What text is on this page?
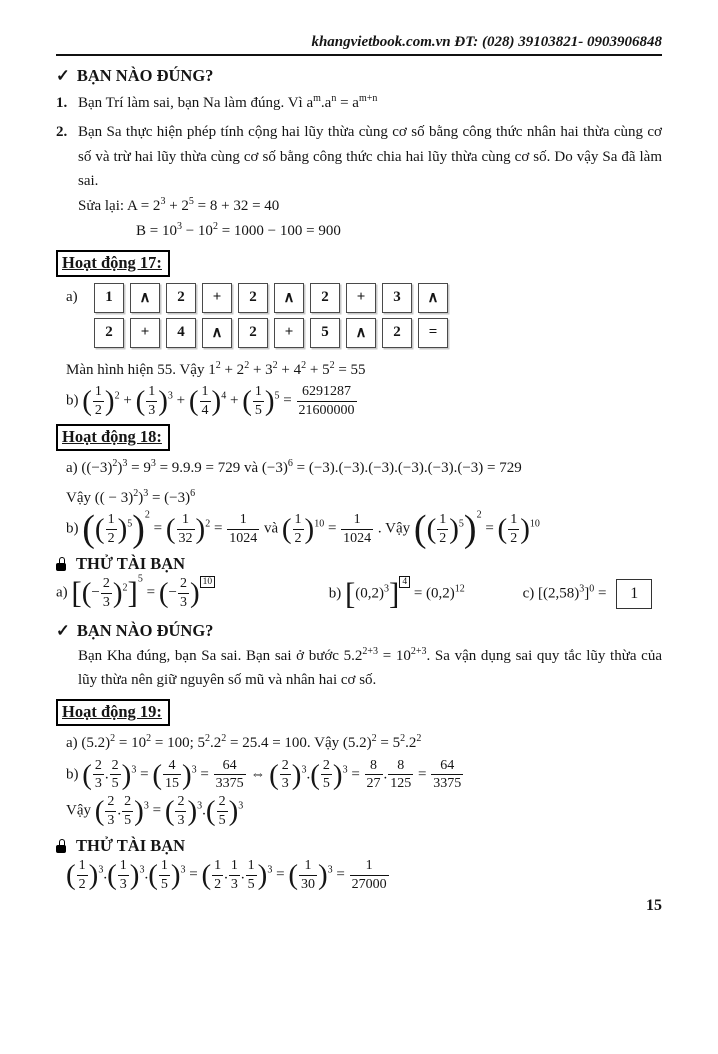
khangvietbook.com.vn ĐT: (028) 39103821- 0903906848
✓ BẠN NÀO ĐÚNG?
1. Bạn Trí làm sai, bạn Na làm đúng. Vì $a^m.a^n = a^{m+n}$
2. Bạn Sa thực hiện phép tính cộng hai lũy thừa cùng cơ số bằng công thức nhân hai thừa cùng cơ số và trừ hai lũy thừa cùng cơ số bằng công thức chia hai lũy thừa cùng cơ số. Do vậy Sa đã làm sai.
Sửa lại: $A = 2^3 + 2^5 = 8 + 32 = 40$
$B = 10^3 - 10^2 = 1000 - 100 = 900$
Hoạt động 17:
a)	1	∧	2	+	2	∧	2	+	3	∧
2	+	4	∧	2	+	5	∧	2	=
Màn hình hiện 55. Vậy $1^2 + 2^2 + 3^2 + 4^2 + 5^2 = 55$
b) ( $\frac{1}{2} )^2$ + ( $\frac{1}{3} )^3$ + ( $\frac{1}{4} )^4$ + ( $\frac{1}{5} )^5 = \frac{6291287}{21600000}$
Hoạt động 18:
a) $((-3)^2)^3 = 9^3 = 9.9.9 = 729$ và $(-3)^6 = (-3).(-3).(-3).(-3).(-3).(-3) = 729$
Vậy (( − $3)^2)^3 = (-3)^6$
b) (( $\frac{1}{2} )^5)^2$ = ( $\frac{1}{32} )^2 = \frac{1}{1024}$ và ( $\frac{1}{2} )^{10} = \frac{1}{1024}$ . Vậy (( $\frac{1}{2} )^5)^2$ = ( $\frac{1}{2} )^{10}$
THỬ TÀI BẠN
a) [(− $\frac{2}{3} )^2]^5$ = (− $\frac{2}{3}$ ) $^{10}$
b) $[(0,2)^3] ^4 = (0,2)^{12}$	c) $[(2,58)^3]^0 = 1$
✓ BẠN NÀO ĐÚNG?
Bạn Kha đúng, bạn Sa sai. Bạn sai ở bước $5.2^{2+3} = 10^{2+3}$. Sa vận dụng sai quy tắc lũy thừa của lũy thừa nên giữ nguyên số mũ và nhân hai cơ số.
Hoạt động 19:
a) $(5.2)^2 = 10^2 = 100$; $5^2.2^2 = 25.4 = 100$. Vậy $(5.2)^2 = 5^2.2^2$
b) ( $\frac{2}{3}$ . $\frac{2}{5} )^3$ = ( $\frac{4}{15} )^3 = \frac{64}{3375}$ ⇔ ( $\frac{2}{3} )^3.( \frac{2}{5} )^3 = \frac{8}{27}$ . $\frac{8}{125} = \frac{64}{3375}$
Vậy ( $\frac{2}{3}$ . $\frac{2}{5} )^3$ = ( $\frac{2}{3} )^3.( \frac{2}{5} )^3$
THỬ TÀI BẠN
( $\frac{1}{2} )^3.( \frac{1}{3} )^3.( \frac{1}{5} )^3$ = ( $\frac{1}{2}$ . $\frac{1}{3}$ . $\frac{1}{5} )^3$ = ( $\frac{1}{30} )^3 = \frac{1}{27000}$
15
